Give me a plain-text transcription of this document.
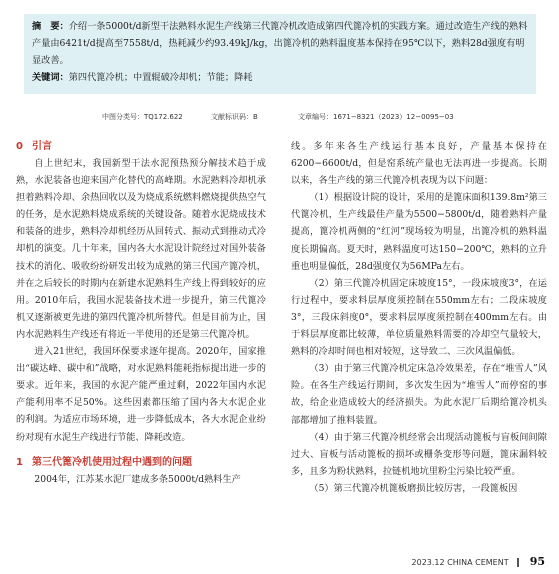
摘　要：介绍一条5000t/d新型干法熟料水泥生产线第三代篦冷机改造成第四代篦冷机的实践方案。通过改造生产线的熟料产量由6421t/d提高至7558t/d，热耗减少约93.49kJ/kg，出篦冷机的熟料温度基本保持在95℃以下，熟料28d强度有明显改善。
关键词：第四代篦冷机；中置辊破冷却机；节能；降耗
中图分类号：TQ172.622	文献标识码：B	文章编号：1671−8321（2023）12−0095−03
0 引言

自上世纪末，我国新型干法水泥预热预分解技术趋于成熟，水泥装备也迎来国产化替代的高峰期。水泥熟料冷却机承担着熟料冷却、余热回收以及为烧成系统燃料燃烧提供热空气的任务，是水泥熟料烧成系统的关键设备。随着水泥烧成技术和装备的进步，熟料冷却机经历从回转式、振动式到推动式冷却机的演变。几十年来，国内各大水泥设计院经过对国外装备技术的消化、吸收纷纷研发出较为成熟的第三代国产篦冷机，并在之后较长的时期内在新建水泥熟料生产线上得到较好的应用。2010年后，我国水泥装备技术进一步提升，第三代篦冷机又逐渐被更先进的第四代篦冷机所替代。但是目前为止，国内水泥熟料生产线还有将近一半使用的还是第三代篦冷机。

进入21世纪，我国环保要求逐年提高。2020年，国家推出“碳达峰、碳中和”战略，对水泥熟料能耗指标提出进一步的要求。近年来，我国的水泥产能严重过剩，2022年国内水泥产能利用率不足50%。这些因素都压缩了国内各大水泥企业的利润。为适应市场环境，进一步降低成本，各大水泥企业纷纷对现有水泥生产线进行节能、降耗改造。

1 第三代篦冷机使用过程中遇到的问题

2004年，江苏某水泥厂建成多条5000t/d熟料生产

线。多年来各生产线运行基本良好，产量基本保持在6200−6600t/d，但是窑系统产量也无法再进一步提高。长期以来，各生产线的第三代篦冷机表现为以下问题：

（1）根据设计院的设计，采用的是篦床面积139.8m²第三代篦冷机，生产线最佳产量为5500−5800t/d，随着熟料产量提高，篦冷机两侧的“红河”现场较为明显，出篦冷机的熟料温度长期偏高。夏天时，熟料温度可达150−200℃，熟料的立升重也明显偏低，28d强度仅为56MPa左右。

（2）第三代篦冷机固定床坡度15°，一段床坡度3°，在运行过程中，要求料层厚度须控制在550mm左右；二段床坡度3°，三段床斜度0°，要求料层厚度须控制在400mm左右。由于料层厚度都比较薄，单位质量熟料需要的冷却空气量较大，熟料的冷却时间也相对较短，这导致二、三次风温偏低。

（3）由于第三代篦冷机定床急冷效果差，存在“堆雪人”风险。在各生产线运行期间，多次发生因为“堆雪人”而停窑的事故，给企业造成较大的经济损失。为此水泥厂后期给篦冷机头部都增加了推料装置。

（4）由于第三代篦冷机经常会出现活动篦板与盲板间间隙过大、盲板与活动篦板的损坏或栅条变形等问题，篦床漏料较多，且多为粉状熟料，拉链机地坑里粉尘污染比较严重。

（5）第三代篦冷机篦板磨损比较厉害，一段篦板因

2023.12 CHINA CEMENT 95
